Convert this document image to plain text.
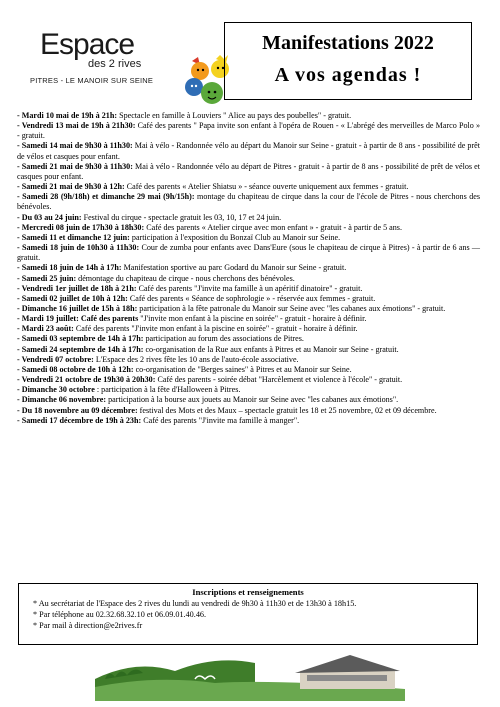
Espace
des 2 rives
PITRES - LE MANOIR SUR SEINE
Manifestations 2022
A vos agendas !
- Mardi 10 mai de 19h à 21h: Spectacle en famille à Louviers " Alice au pays des poubelles" - gratuit.
- Vendredi 13 mai de 19h à 21h30: Café des parents " Papa invite son enfant à l'opéra de Rouen - « L'abrégé des merveilles de Marco Polo » - gratuit.
- Samedi 14 mai de 9h30 à 11h30: Mai à vélo - Randonnée vélo au départ du Manoir sur Seine - gratuit - à partir de 8 ans - possibilité de prêt de vélos et casques pour enfant.
- Samedi 21 mai de 9h30 à 11h30: Mai à vélo - Randonnée vélo au départ de Pitres - gratuit - à partir de 8 ans - possibilité de prêt de vélos et casques pour enfant.
- Samedi 21 mai de 9h30 à 12h: Café des parents « Atelier Shiatsu » - séance ouverte uniquement aux femmes - gratuit.
- Samedi 28 (9h/18h) et dimanche 29 mai (9h/15h): montage du chapiteau de cirque dans la cour de l'école de Pitres - nous cherchons des bénévoles.
- Du 03 au 24 juin: Festival du cirque - spectacle gratuit les 03, 10, 17 et 24 juin.
- Mercredi 08 juin de 17h30 à 18h30: Café des parents « Atelier cirque avec mon enfant » - gratuit - à partir de 5 ans.
- Samedi 11 et dimanche 12 juin: participation à l'exposition du Bonzaï Club au Manoir sur Seine.
- Samedi 18 juin de 10h30 à 11h30: Cour de zumba pour enfants avec Dans'Eure (sous le chapiteau de cirque à Pitres) - à partir de 6 ans — gratuit.
- Samedi 18 juin de 14h à 17h: Manifestation sportive au parc Godard du Manoir sur Seine - gratuit.
- Samedi 25 juin: démontage du chapiteau de cirque - nous cherchons des bénévoles.
- Vendredi 1er juillet de 18h à 21h: Café des parents "J'invite ma famille à un apéritif dinatoire" - gratuit.
- Samedi 02 juillet de 10h à 12h: Café des parents « Séance de sophrologie » - réservée aux femmes - gratuit.
- Dimanche 16 juillet de 15h à 18h: participation à la fête patronale du Manoir sur Seine avec "les cabanes aux émotions" - gratuit.
- Mardi 19 juillet: Café des parents "J'invite mon enfant à la piscine en soirée" - gratuit - horaire à définir.
- Mardi 23 août: Café des parents "J'invite mon enfant à la piscine en soirée" - gratuit - horaire à définir.
- Samedi 03 septembre de 14h à 17h: participation au forum des associations de Pitres.
- Samedi 24 septembre de 14h à 17h: co-organisation de la Rue aux enfants à Pitres et au Manoir sur Seine - gratuit.
- Vendredi 07 octobre: L'Espace des 2 rives fête les 10 ans de l'auto-école associative.
- Samedi 08 octobre de 10h à 12h: co-organisation de "Berges saines" à Pitres et au Manoir sur Seine.
- Vendredi 21 octobre de 19h30 à 20h30: Café des parents - soirée débat "Harcèlement et violence à l'école" - gratuit.
- Dimanche 30 octobre : participation à la fête d'Halloween à Pitres.
- Dimanche 06 novembre: participation à la bourse aux jouets au Manoir sur Seine avec "les cabanes aux émotions".
- Du 18 novembre au 09 décembre: festival des Mots et des Maux – spectacle gratuit les 18 et 25 novembre, 02 et 09 décembre.
- Samedi 17 décembre de 19h à 23h: Café des parents "J'invite ma famille à manger".
Inscriptions et renseignements
* Au secrétariat de l'Espace des 2 rives du lundi au vendredi de 9h30 à 11h30 et de 13h30 à 18h15.
* Par téléphone au 02.32.68.32.10 et 06.09.01.40.46.
* Par mail à direction@e2rives.fr
